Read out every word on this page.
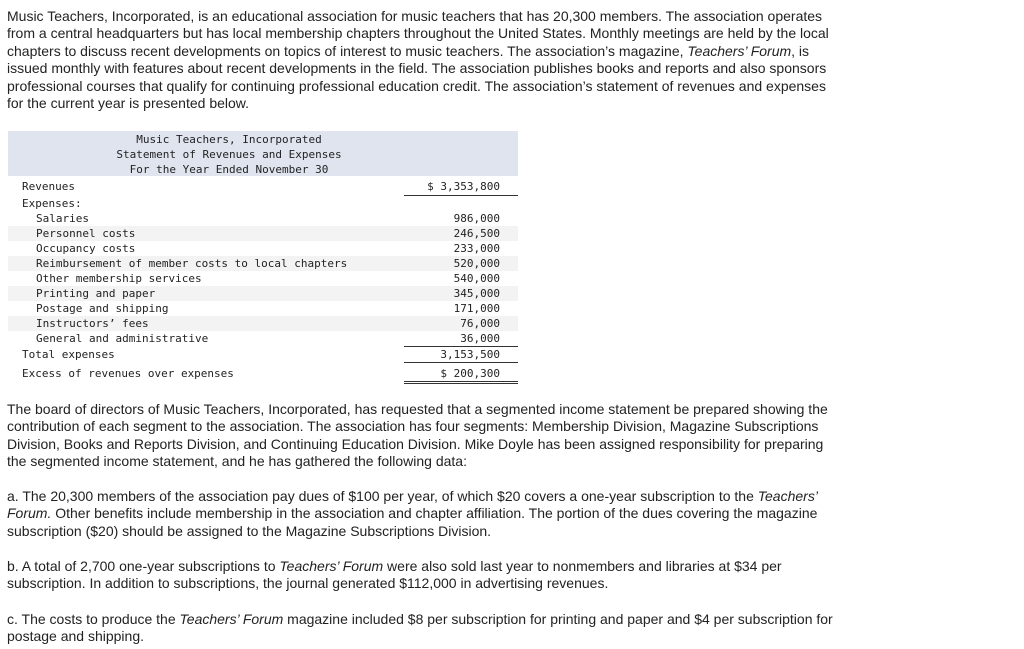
Music Teachers, Incorporated, is an educational association for music teachers that has 20,300 members. The association operates
from a central headquarters but has local membership chapters throughout the United States. Monthly meetings are held by the local
chapters to discuss recent developments on topics of interest to music teachers. The association’s magazine, Teachers’ Forum, is
issued monthly with features about recent developments in the field. The association publishes books and reports and also sponsors
professional courses that qualify for continuing professional education credit. The association’s statement of revenues and expenses
for the current year is presented below.
Music Teachers, Incorporated
Statement of Revenues and Expenses
For the Year Ended November 30
Revenues	$ 3,353,800
Expenses:
Salaries	986,000
Personnel costs	246,500
Occupancy costs	233,000
Reimbursement of member costs to local chapters	520,000
Other membership services	540,000
Printing and paper	345,000
Postage and shipping	171,000
Instructors’ fees	76,000
General and administrative	36,000
Total expenses	3,153,500
Excess of revenues over expenses	$ 200,300
The board of directors of Music Teachers, Incorporated, has requested that a segmented income statement be prepared showing the
contribution of each segment to the association. The association has four segments: Membership Division, Magazine Subscriptions
Division, Books and Reports Division, and Continuing Education Division. Mike Doyle has been assigned responsibility for preparing
the segmented income statement, and he has gathered the following data:
a. The 20,300 members of the association pay dues of $100 per year, of which $20 covers a one-year subscription to the Teachers’
Forum. Other benefits include membership in the association and chapter affiliation. The portion of the dues covering the magazine
subscription ($20) should be assigned to the Magazine Subscriptions Division.
b. A total of 2,700 one-year subscriptions to Teachers’ Forum were also sold last year to nonmembers and libraries at $34 per
subscription. In addition to subscriptions, the journal generated $112,000 in advertising revenues.
c. The costs to produce the Teachers’ Forum magazine included $8 per subscription for printing and paper and $4 per subscription for
postage and shipping.
